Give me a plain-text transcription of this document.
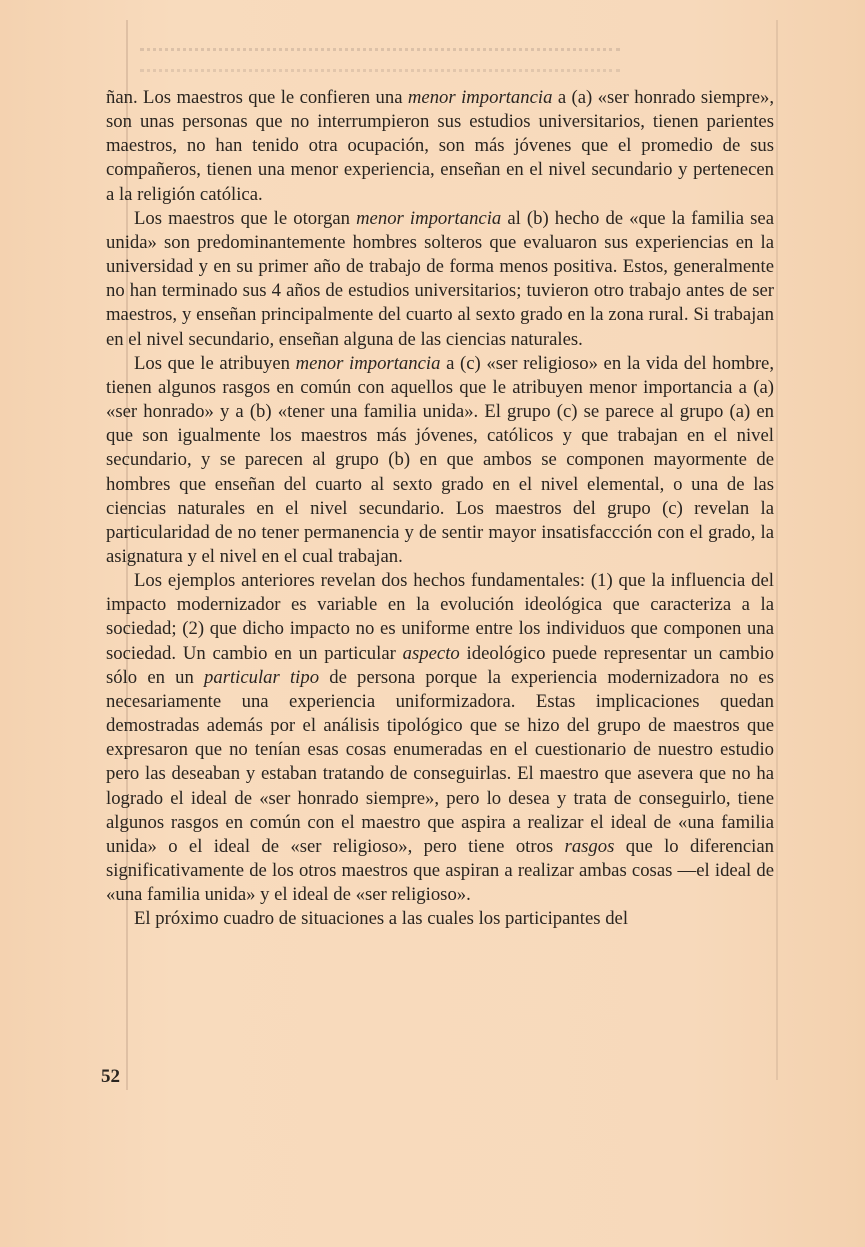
ñan. Los maestros que le confieren una menor importancia a (a) «ser honrado siempre», son unas personas que no interrumpieron sus estudios universitarios, tienen parientes maestros, no han tenido otra ocupación, son más jóvenes que el promedio de sus compañeros, tienen una menor experiencia, enseñan en el nivel secundario y pertenecen a la religión católica.

Los maestros que le otorgan menor importancia al (b) hecho de «que la familia sea unida» son predominantemente hombres solteros que evaluaron sus experiencias en la universidad y en su primer año de trabajo de forma menos positiva. Estos, generalmente no han terminado sus 4 años de estudios universitarios; tuvieron otro trabajo antes de ser maestros, y enseñan principalmente del cuarto al sexto grado en la zona rural. Si trabajan en el nivel secundario, enseñan alguna de las ciencias naturales.

Los que le atribuyen menor importancia a (c) «ser religioso» en la vida del hombre, tienen algunos rasgos en común con aquellos que le atribuyen menor importancia a (a) «ser honrado» y a (b) «tener una familia unida». El grupo (c) se parece al grupo (a) en que son igualmente los maestros más jóvenes, católicos y que trabajan en el nivel secundario, y se parecen al grupo (b) en que ambos se componen mayormente de hombres que enseñan del cuarto al sexto grado en el nivel elemental, o una de las ciencias naturales en el nivel secundario. Los maestros del grupo (c) revelan la particularidad de no tener permanencia y de sentir mayor insatisfaccción con el grado, la asignatura y el nivel en el cual trabajan.

Los ejemplos anteriores revelan dos hechos fundamentales: (1) que la influencia del impacto modernizador es variable en la evolución ideológica que caracteriza a la sociedad; (2) que dicho impacto no es uniforme entre los individuos que componen una sociedad. Un cambio en un particular aspecto ideológico puede representar un cambio sólo en un particular tipo de persona porque la experiencia modernizadora no es necesariamente una experiencia uniformizadora. Estas implicaciones quedan demostradas además por el análisis tipológico que se hizo del grupo de maestros que expresaron que no tenían esas cosas enumeradas en el cuestionario de nuestro estudio pero las deseaban y estaban tratando de conseguirlas. El maestro que asevera que no ha logrado el ideal de «ser honrado siempre», pero lo desea y trata de conseguirlo, tiene algunos rasgos en común con el maestro que aspira a realizar el ideal de «una familia unida» o el ideal de «ser religioso», pero tiene otros rasgos que lo diferencian significativamente de los otros maestros que aspiran a realizar ambas cosas —el ideal de «una familia unida» y el ideal de «ser religioso».

El próximo cuadro de situaciones a las cuales los participantes del

52
